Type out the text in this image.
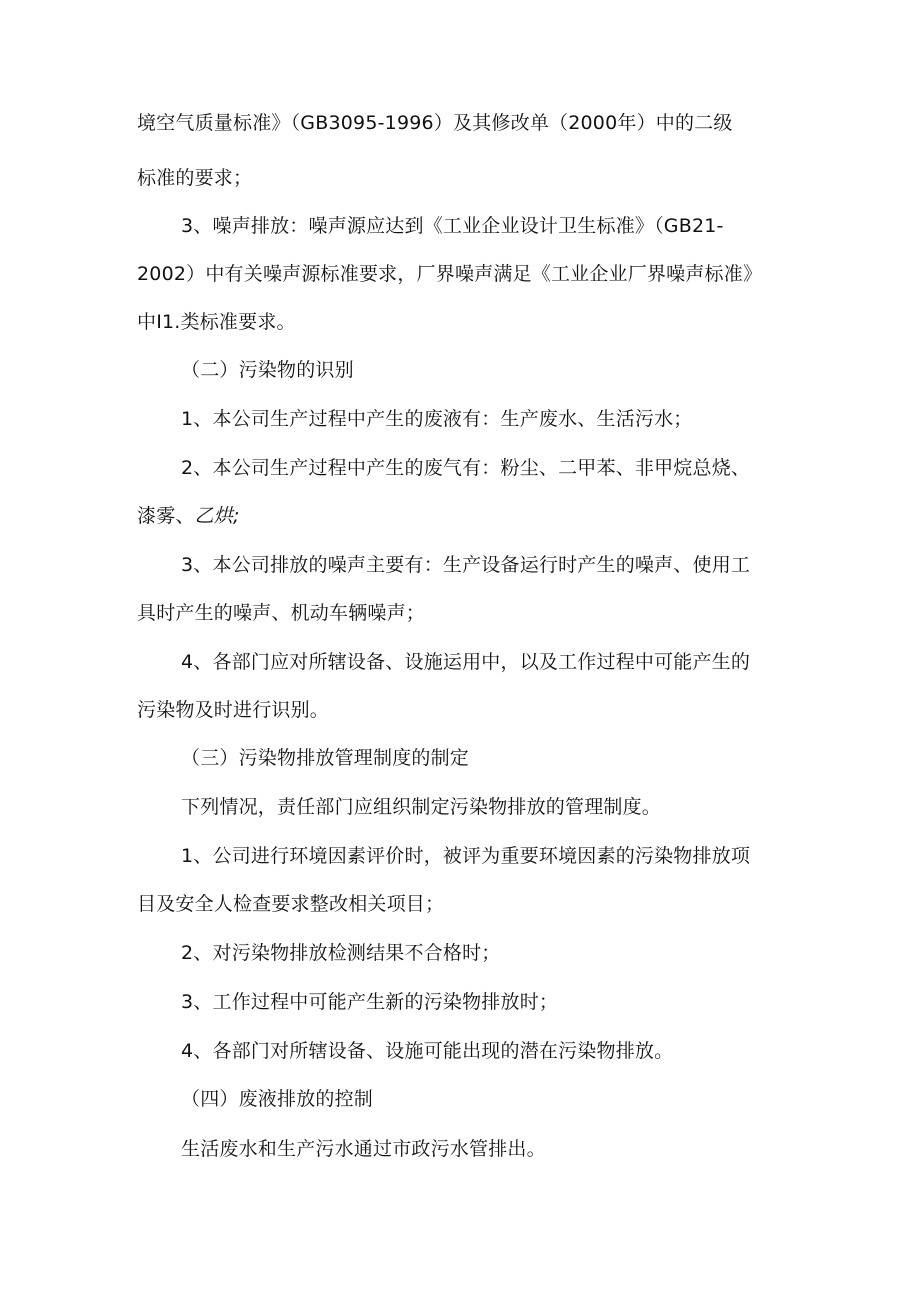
境空气质量标准》（GB3095-1996）及其修改单（2000年）中的二级
标准的要求；
3、噪声排放：噪声源应达到《工业企业设计卫生标准》（GB21-
2002）中有关噪声源标准要求，厂界噪声满足《工业企业厂界噪声标准》
中I1.类标准要求。
（二）污染物的识别
1、本公司生产过程中产生的废液有：生产废水、生活污水；
2、本公司生产过程中产生的废气有：粉尘、二甲苯、非甲烷总烧、
漆雾、乙烘;
3、本公司排放的噪声主要有：生产设备运行时产生的噪声、使用工
具时产生的噪声、机动车辆噪声；
4、各部门应对所辖设备、设施运用中，以及工作过程中可能产生的
污染物及时进行识别。
（三）污染物排放管理制度的制定
下列情况，责任部门应组织制定污染物排放的管理制度。
1、公司进行环境因素评价时，被评为重要环境因素的污染物排放项
目及安全人检查要求整改相关项目；
2、对污染物排放检测结果不合格时；
3、工作过程中可能产生新的污染物排放时；
4、各部门对所辖设备、设施可能出现的潜在污染物排放。
（四）废液排放的控制
生活废水和生产污水通过市政污水管排出。
